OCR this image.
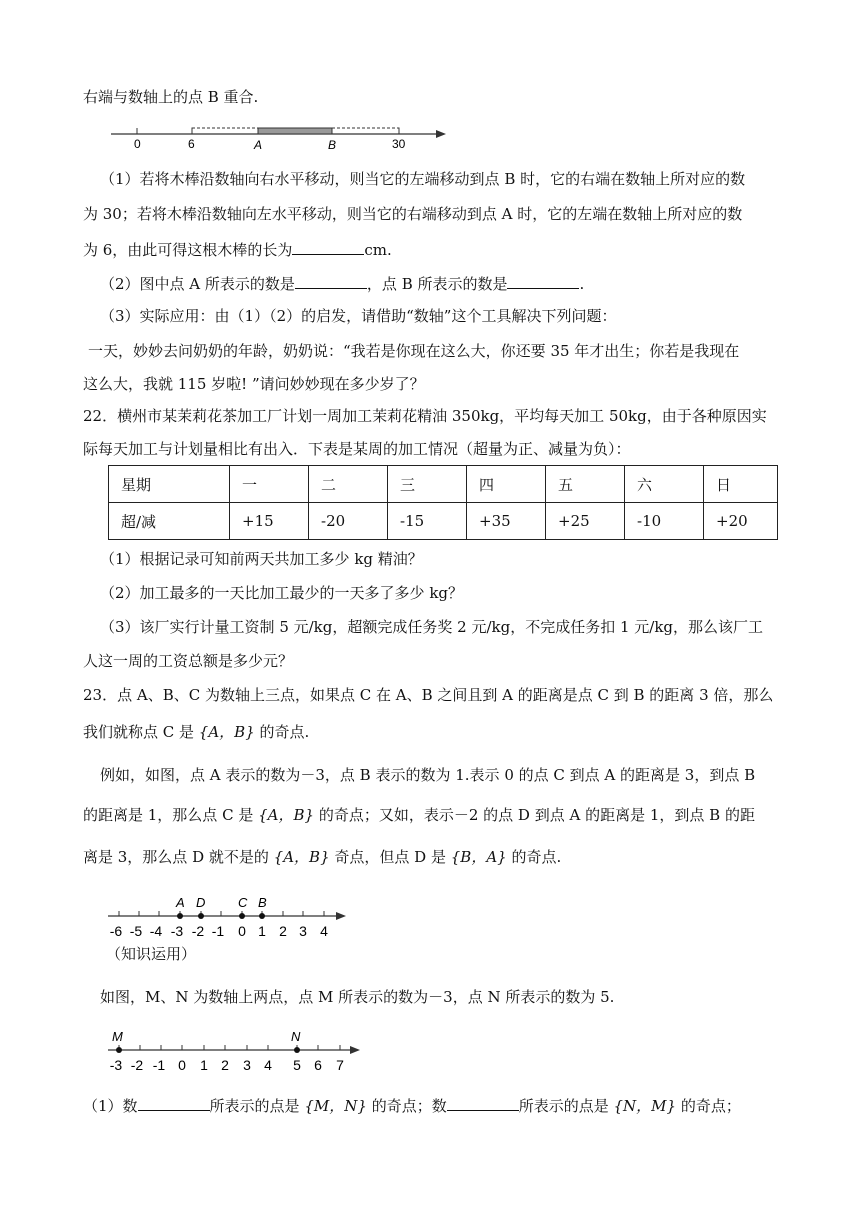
右端与数轴上的点 B 重合.
0	6	A	B	30
（1）若将木棒沿数轴向右水平移动，则当它的左端移动到点 B 时，它的右端在数轴上所对应的数
为 30；若将木棒沿数轴向左水平移动，则当它的右端移动到点 A 时，它的左端在数轴上所对应的数
为 6，由此可得这根木棒的长为	cm.
（2）图中点 A 所表示的数是	，点 B 所表示的数是	.
（3）实际应用：由（1）（2）的启发，请借助“数轴”这个工具解决下列问题：
一天，妙妙去问奶奶的年龄，奶奶说：“我若是你现在这么大，你还要 35 年才出生；你若是我现在
这么大，我就 115 岁啦! ”请问妙妙现在多少岁了？
22．横州市某茉莉花茶加工厂计划一周加工茉莉花精油 350kg，平均每天加工 50kg，由于各种原因实
际每天加工与计划量相比有出入．下表是某周的加工情况（超量为正、减量为负）：
星期	一	二	三	四	五	六	日
超/减	+15	-20	-15	+35	+25	-10	+20
（1）根据记录可知前两天共加工多少 kg 精油？
（2）加工最多的一天比加工最少的一天多了多少 kg？
（3）该厂实行计量工资制 5 元/kg，超额完成任务奖 2 元/kg，不完成任务扣 1 元/kg，那么该厂工
人这一周的工资总额是多少元？
23．点 A、B、C 为数轴上三点，如果点 C 在 A、B 之间且到 A 的距离是点 C 到 B 的距离 3 倍，那么
我们就称点 C 是 {A，B} 的奇点.
例如，如图，点 A 表示的数为－3，点 B 表示的数为 1.表示 0 的点 C 到点 A 的距离是 3，到点 B
的距离是 1，那么点 C 是 {A，B} 的奇点；又如，表示－2 的点 D 到点 A 的距离是 1，到点 B 的距
离是 3，那么点 D 就不是的 {A，B} 奇点，但点 D 是 {B，A} 的奇点.
A D	C B
-6 -5 -4 -3 -2 -1 0 1 2 3 4
（知识运用）
如图，M、N 为数轴上两点，点 M 所表示的数为－3，点 N 所表示的数为 5.
M	N
-3 -2 -1 0 1 2 3 4 5 6 7
（1）数	所表示的点是 {M，N} 的奇点；数	所表示的点是 {N，M} 的奇点；
